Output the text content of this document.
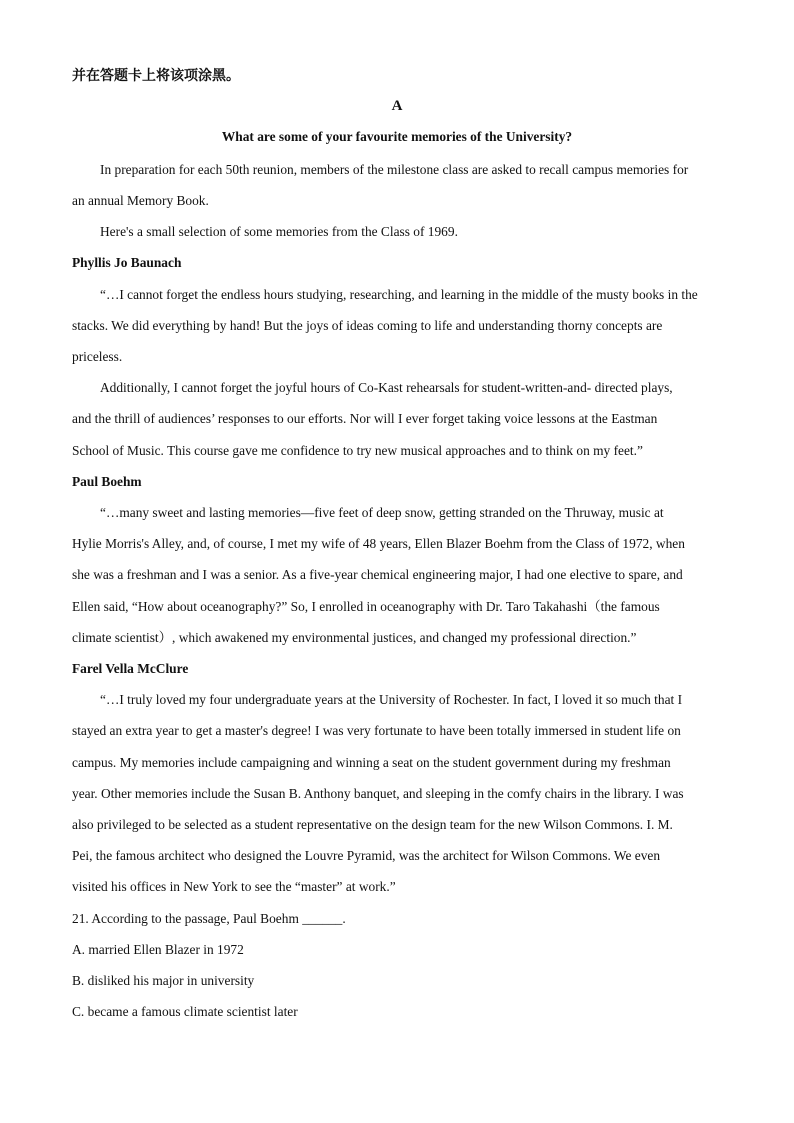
并在答题卡上将该项涂黑。
A
What are some of your favourite memories of the University?
In preparation for each 50th reunion, members of the milestone class are asked to recall campus memories for
an annual Memory Book.
Here's a small selection of some memories from the Class of 1969.
Phyllis Jo Baunach
“…I cannot forget the endless hours studying, researching, and learning in the middle of the musty books in the
stacks. We did everything by hand! But the joys of ideas coming to life and understanding thorny concepts are
priceless.
Additionally, I cannot forget the joyful hours of Co-Kast rehearsals for student-written-and- directed plays,
and the thrill of audiences’ responses to our efforts. Nor will I ever forget taking voice lessons at the Eastman
School of Music. This course gave me confidence to try new musical approaches and to think on my feet.”
Paul Boehm
“…many sweet and lasting memories—five feet of deep snow, getting stranded on the Thruway, music at
Hylie Morris's Alley, and, of course, I met my wife of 48 years, Ellen Blazer Boehm from the Class of 1972, when
she was a freshman and I was a senior. As a five-year chemical engineering major, I had one elective to spare, and
Ellen said, “How about oceanography?” So, I enrolled in oceanography with Dr. Taro Takahashi（the famous
climate scientist）, which awakened my environmental justices, and changed my professional direction.”
Farel Vella McClure
“…I truly loved my four undergraduate years at the University of Rochester. In fact, I loved it so much that I
stayed an extra year to get a master's degree! I was very fortunate to have been totally immersed in student life on
campus. My memories include campaigning and winning a seat on the student government during my freshman
year. Other memories include the Susan B. Anthony banquet, and sleeping in the comfy chairs in the library. I was
also privileged to be selected as a student representative on the design team for the new Wilson Commons. I. M.
Pei, the famous architect who designed the Louvre Pyramid, was the architect for Wilson Commons. We even
visited his offices in New York to see the “master” at work.”
21. According to the passage, Paul Boehm ______.
A. married Ellen Blazer in 1972
B. disliked his major in university
C. became a famous climate scientist later
